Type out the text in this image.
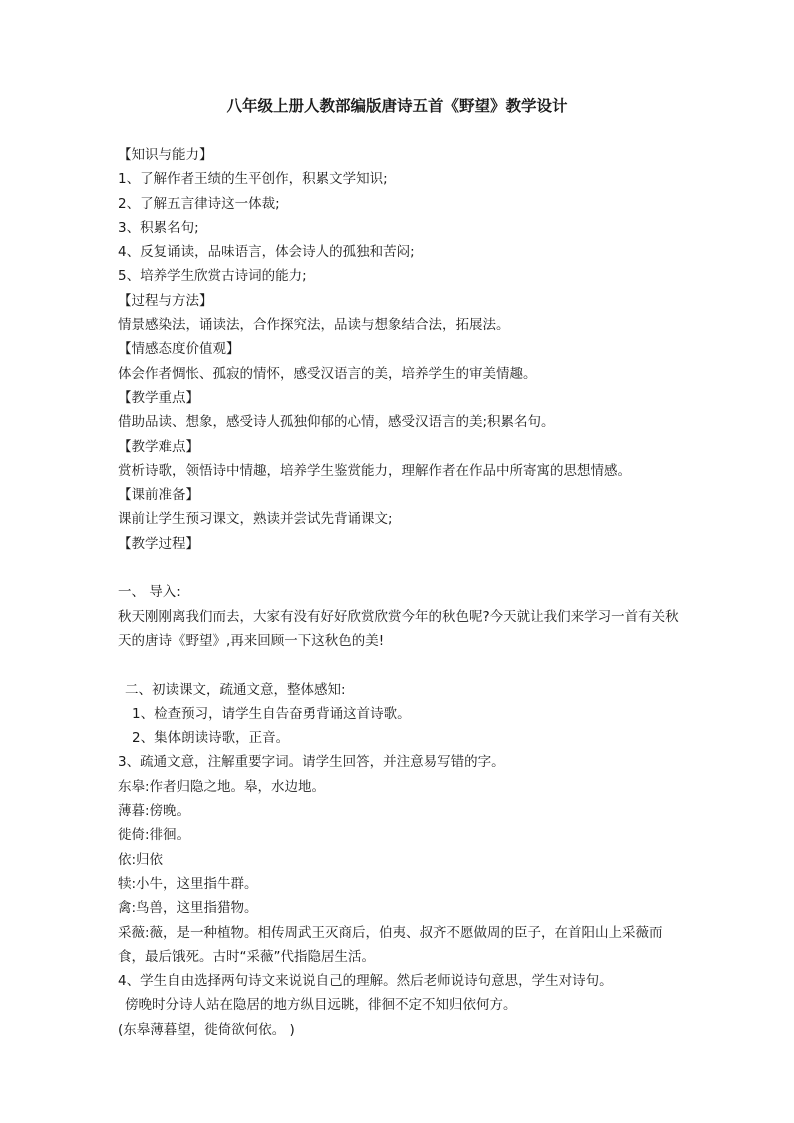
八年级上册人教部编版唐诗五首《野望》教学设计
【知识与能力】
1、了解作者王绩的生平创作，积累文学知识;
2、了解五言律诗这一体裁;
3、积累名句;
4、反复诵读，品味语言，体会诗人的孤独和苦闷;
5、培养学生欣赏古诗词的能力;
【过程与方法】
情景感染法，诵读法，合作探究法，品读与想象结合法，拓展法。
【情感态度价值观】
体会作者惆怅、孤寂的情怀，感受汉语言的美，培养学生的审美情趣。
【教学重点】
借助品读、想象，感受诗人孤独仰郁的心情，感受汉语言的美;积累名句。
【教学难点】
赏析诗歌，领悟诗中情趣，培养学生鉴赏能力，理解作者在作品中所寄寓的思想情感。
【课前准备】
课前让学生预习课文，熟读并尝试先背诵课文;
【教学过程】
一、 导入:
秋天刚刚离我们而去，大家有没有好好欣赏欣赏今年的秋色呢?今天就让我们来学习一首有关秋天的唐诗《野望》,再来回顾一下这秋色的美!
二、初读课文，疏通文意，整体感知:
1、检查预习，请学生自告奋勇背诵这首诗歌。
2、集体朗读诗歌，正音。
3、疏通文意，注解重要字词。请学生回答，并注意易写错的字。
东皋:作者归隐之地。皋，水边地。
薄暮:傍晚。
徙倚:徘徊。
依:归依
犊:小牛，这里指牛群。
禽:鸟兽，这里指猎物。
采薇:薇，是一种植物。相传周武王灭商后，伯夷、叔齐不愿做周的臣子，在首阳山上采薇而食，最后饿死。古时“采薇”代指隐居生活。
4、学生自由选择两句诗文来说说自己的理解。然后老师说诗句意思，学生对诗句。
傍晚时分诗人站在隐居的地方纵目远眺，徘徊不定不知归依何方。
(东皋薄暮望，徙倚欲何依。 )
